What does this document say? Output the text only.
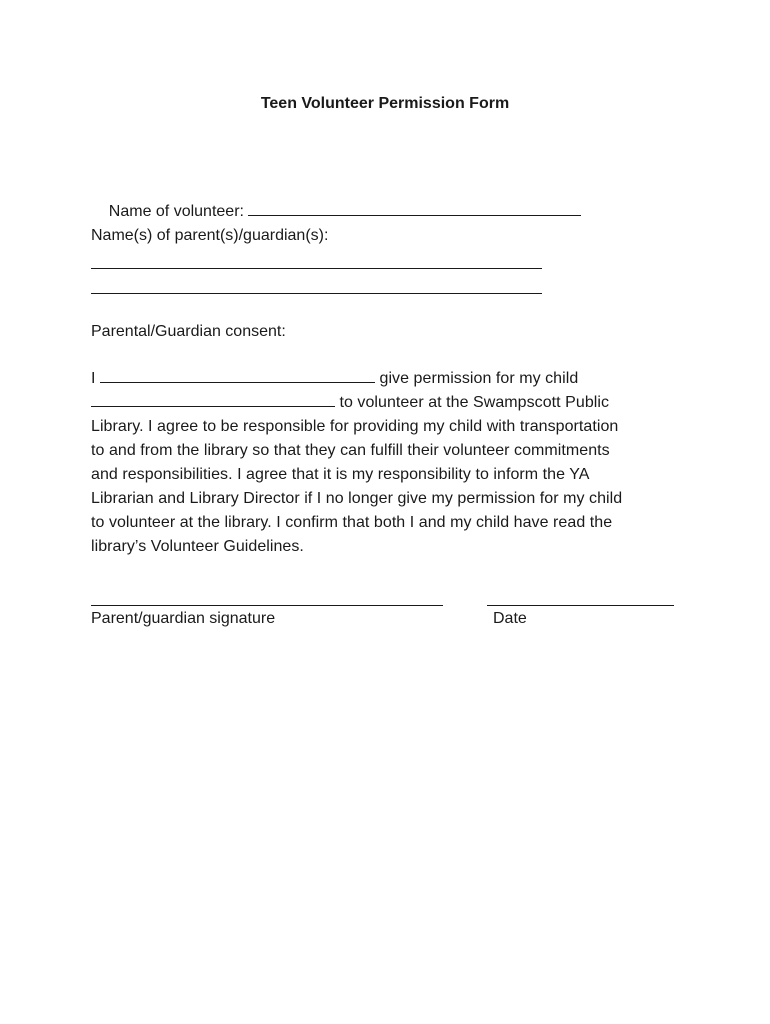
Teen Volunteer Permission Form

Name of volunteer:

Name(s) of parent(s)/guardian(s):
Parental/Guardian consent:
I	give permission for my child
to volunteer at the Swampscott Public
Library. I agree to be responsible for providing my child with transportation
to and from the library so that they can fulfill their volunteer commitments
and responsibilities. I agree that it is my responsibility to inform the YA
Librarian and Library Director if I no longer give my permission for my child
to volunteer at the library. I confirm that both I and my child have read the
library’s Volunteer Guidelines.
Parent/guardian signature	Date
